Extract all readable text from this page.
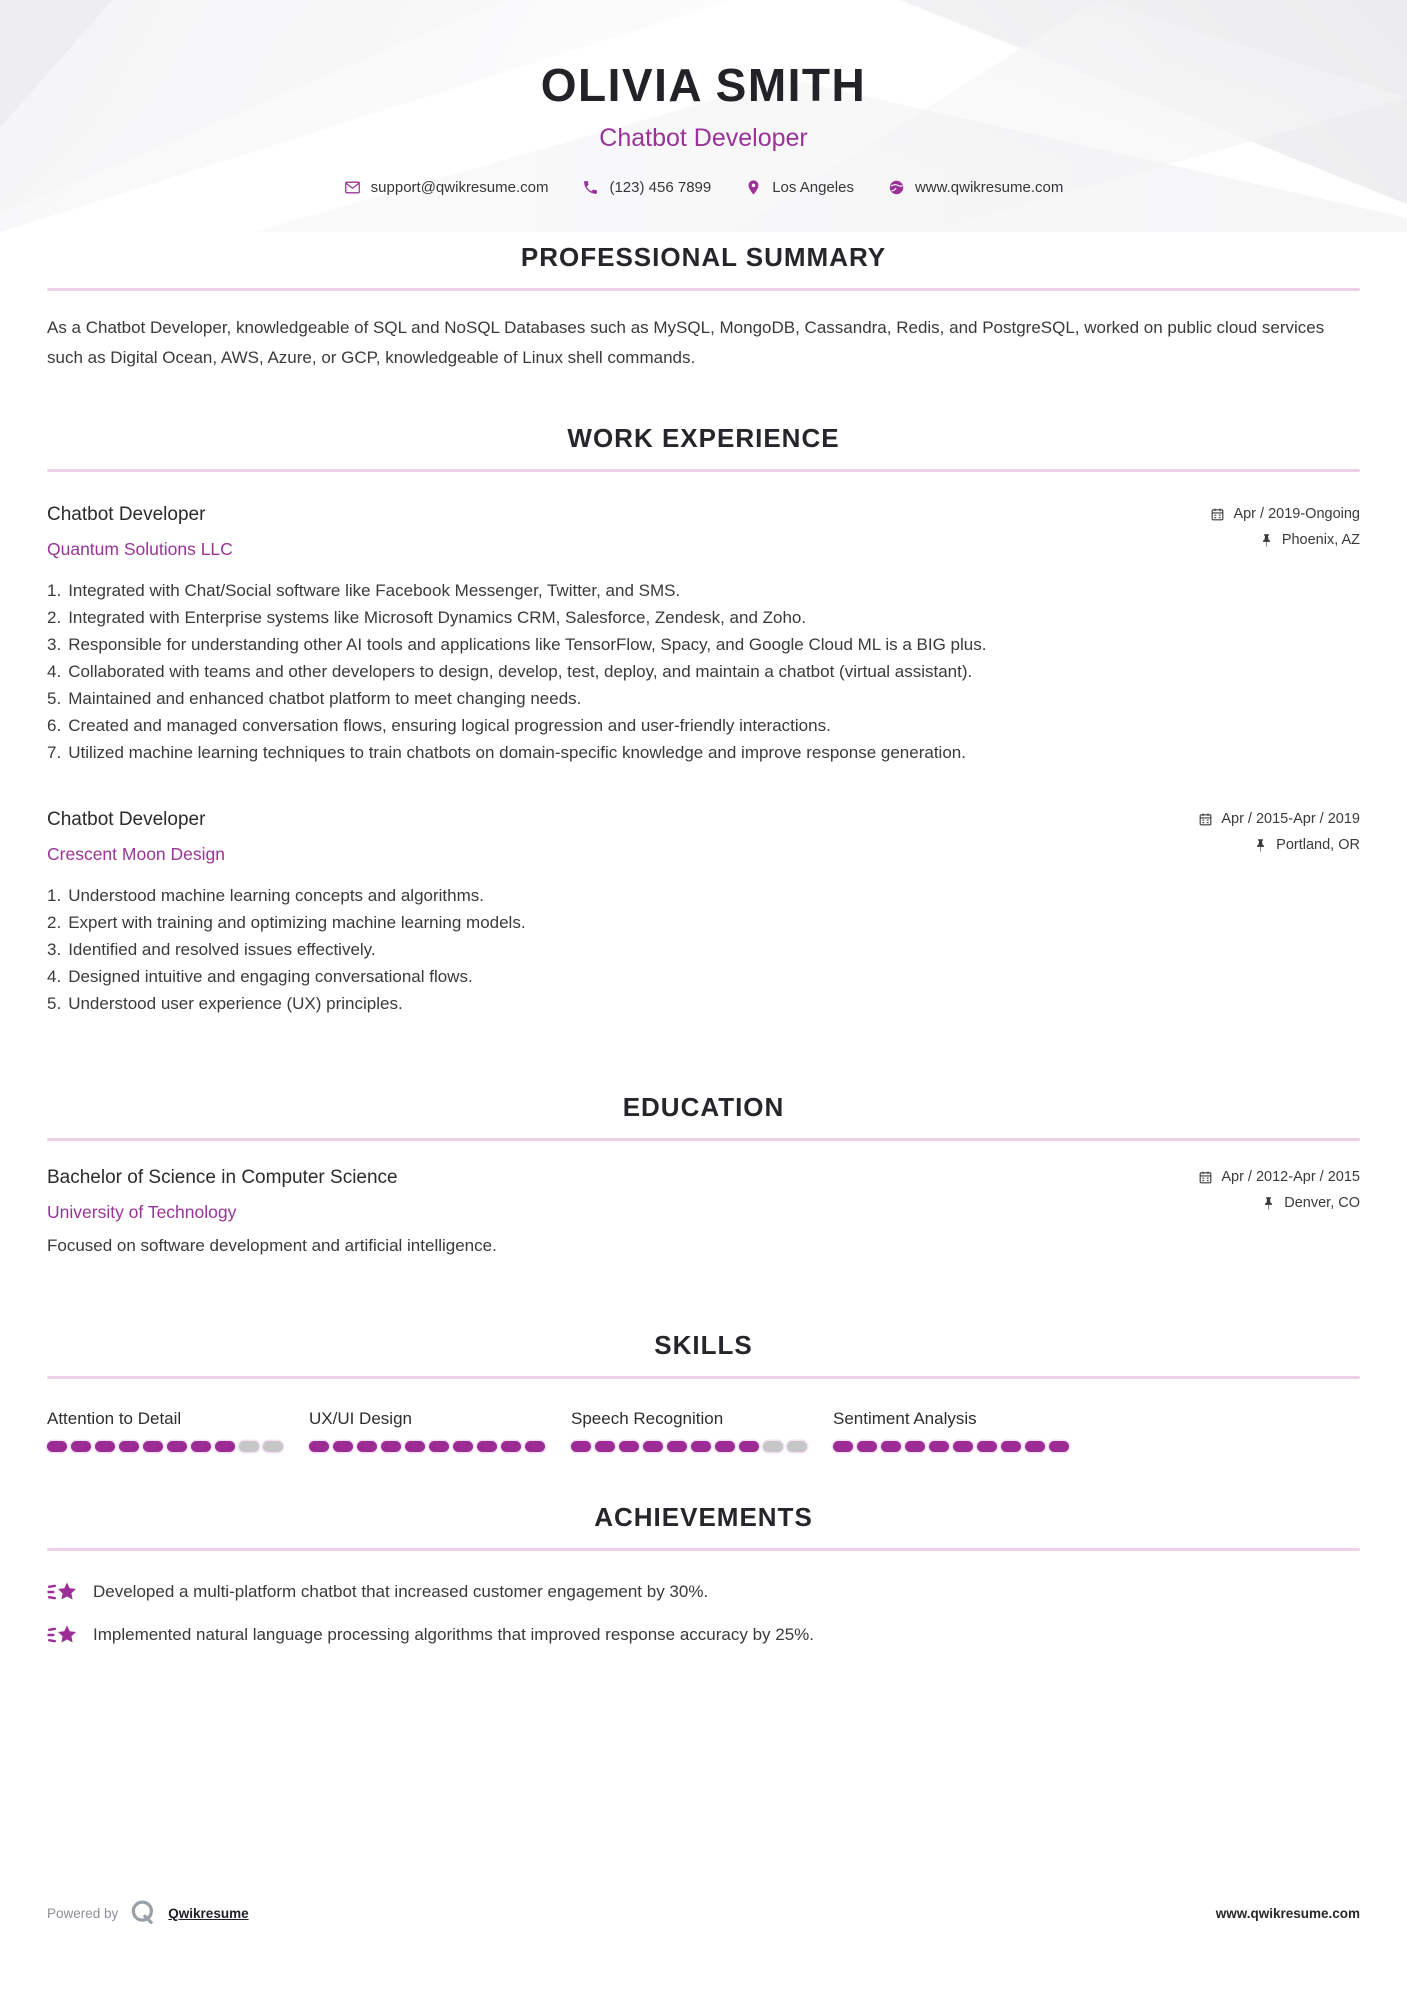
OLIVIA SMITH
Chatbot Developer
support@qwikresume.com	(123) 456 7899	Los Angeles	www.qwikresume.com
PROFESSIONAL SUMMARY

As a Chatbot Developer, knowledgeable of SQL and NoSQL Databases such as MySQL, MongoDB, Cassandra, Redis, and PostgreSQL, worked on public cloud services such as Digital Ocean, AWS, Azure, or GCP, knowledgeable of Linux shell commands.

WORK EXPERIENCE
Chatbot Developer
Quantum Solutions LLC
Apr / 2019-Ongoing
Phoenix, AZ
Integrated with Chat/Social software like Facebook Messenger, Twitter, and SMS.
Integrated with Enterprise systems like Microsoft Dynamics CRM, Salesforce, Zendesk, and Zoho.
Responsible for understanding other AI tools and applications like TensorFlow, Spacy, and Google Cloud ML is a BIG plus.
Collaborated with teams and other developers to design, develop, test, deploy, and maintain a chatbot (virtual assistant).
Maintained and enhanced chatbot platform to meet changing needs.
Created and managed conversation flows, ensuring logical progression and user-friendly interactions.
Utilized machine learning techniques to train chatbots on domain-specific knowledge and improve response generation.
Chatbot Developer
Crescent Moon Design
Apr / 2015-Apr / 2019
Portland, OR
Understood machine learning concepts and algorithms.
Expert with training and optimizing machine learning models.
Identified and resolved issues effectively.
Designed intuitive and engaging conversational flows.
Understood user experience (UX) principles.
EDUCATION
Bachelor of Science in Computer Science
University of Technology
Apr / 2012-Apr / 2015
Denver, CO
Focused on software development and artificial intelligence.
SKILLS
Attention to Detail	UX/UI Design	Speech Recognition	Sentiment Analysis
ACHIEVEMENTS
Developed a multi-platform chatbot that increased customer engagement by 30%.
Implemented natural language processing algorithms that improved response accuracy by 25%.
Powered by	Qwikresume	www.qwikresume.com
